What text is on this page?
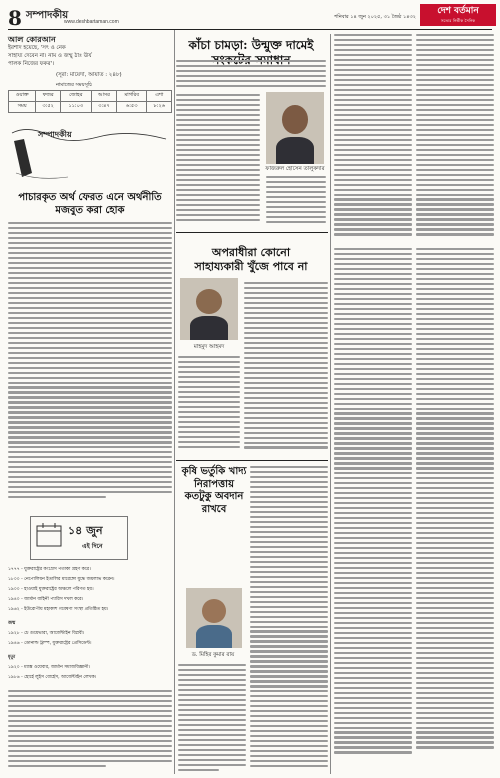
8 সম্পাদকীয়
www.deshbartaman.com
শনিবার ১৪ জুন ২০২৫, ৩১ জৈষ্ঠ ১৪৩২
দেশ বর্তমান
সত্যের নির্ভীক সৈনিক
আল কোরআন
ইরশাদ হয়েছে, 'সৎ ও নেক
সাহায্য দেবেন না। নাম ও জম্মু ঠাঃ ঊর্য
পালক নিজের ফকর'।
(সূরা: মায়েদা, আয়াত : ২৪৮)
নামাজের সময়সূচি
ওয়াক্ত	ফজর	জোহর	আসর	মাগরিব	এশা
সময়	৩:৫২	১১:০৩	৩:৪৭	৬:৫৩	৮:২৬
সম্পাদকীয়
কাঁচা চামড়া: উন্মুক্ত দামেই
ফাজরুল হোসেন তালুকদার
পাচারকৃত অর্থ ফেরত এনে অর্থনীতি মজবুত করা হোক
১৪ জুন
এই দিনে
১৭৭৭ - যুক্তরাষ্ট্রের কংগ্রেস পতাকা গ্রহণ করে।
১৮০০ - নেপোলিয়ন ইতালির মারেঙ্গো যুদ্ধে জয়লাভ করেন।
১৯০০ - হাওয়াই যুক্তরাষ্ট্রের অঞ্চলে পরিণত হয়।
১৯৪০ - জার্মান বাহিনী প্যারিস দখল করে।
১৯৬২ - ইউরোপীয় মহাকাশ গবেষণা সংস্থা প্রতিষ্ঠিত হয়।
জন্ম
১৯২৮ - চে গুয়েভারা, আর্জেন্টাইন বিপ্লবী।
১৯৪৬ - ডোনাল্ড ট্রাম্প, যুক্তরাষ্ট্রের প্রেসিডেন্ট।
মৃত্যু
১৯২০ - ম্যাক্স ওয়েবার, জার্মান সমাজবিজ্ঞানী।
১৯৮৬ - হোর্হে লুইস বোর্হেস, আর্জেন্টাইন লেখক।
অপরাধীরা কোনো সাহায্যকারী খুঁজে পাবে না
মাহমুদ আহমদ
কৃষি ভর্তুকি খাদ্য নিরাপত্তায় কতটুকু অবদান রাখবে
ড. মিহির কুমার রায়
